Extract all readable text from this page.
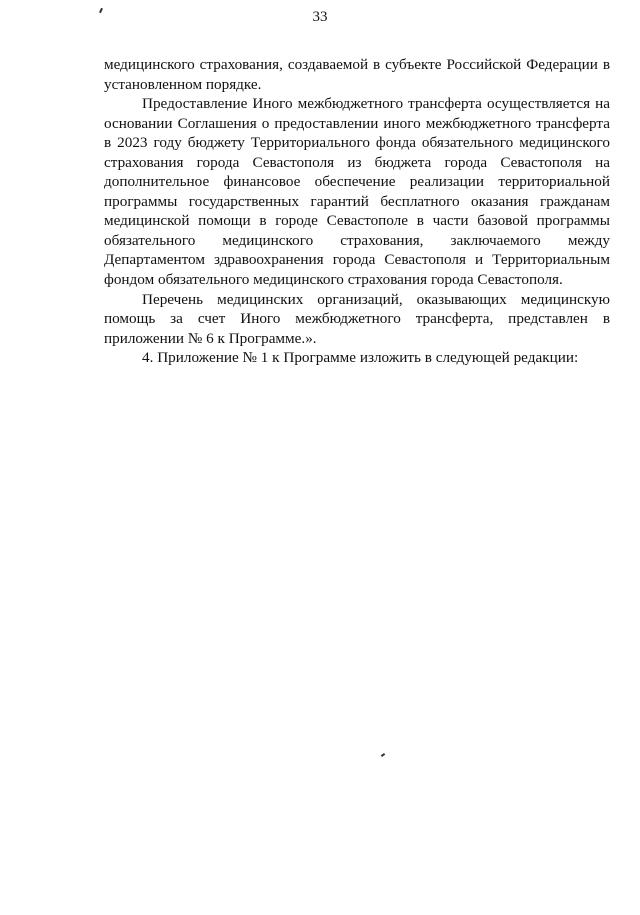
33

медицинского страхования, создаваемой в субъекте Российской Федерации в установленном порядке.

Предоставление Иного межбюджетного трансферта осуществляется на основании Соглашения о предоставлении иного межбюджетного трансферта в 2023 году бюджету Территориального фонда обязательного медицинского страхования города Севастополя из бюджета города Севастополя на дополнительное финансовое обеспечение реализации территориальной программы государственных гарантий бесплатного оказания гражданам медицинской помощи в городе Севастополе в части базовой программы обязательного медицинского страхования, заключаемого между Департаментом здравоохранения города Севастополя и Территориальным фондом обязательного медицинского страхования города Севастополя.

Перечень медицинских организаций, оказывающих медицинскую помощь за счет Иного межбюджетного трансферта, представлен в приложении № 6 к Программе.».

4. Приложение № 1 к Программе изложить в следующей редакции:
